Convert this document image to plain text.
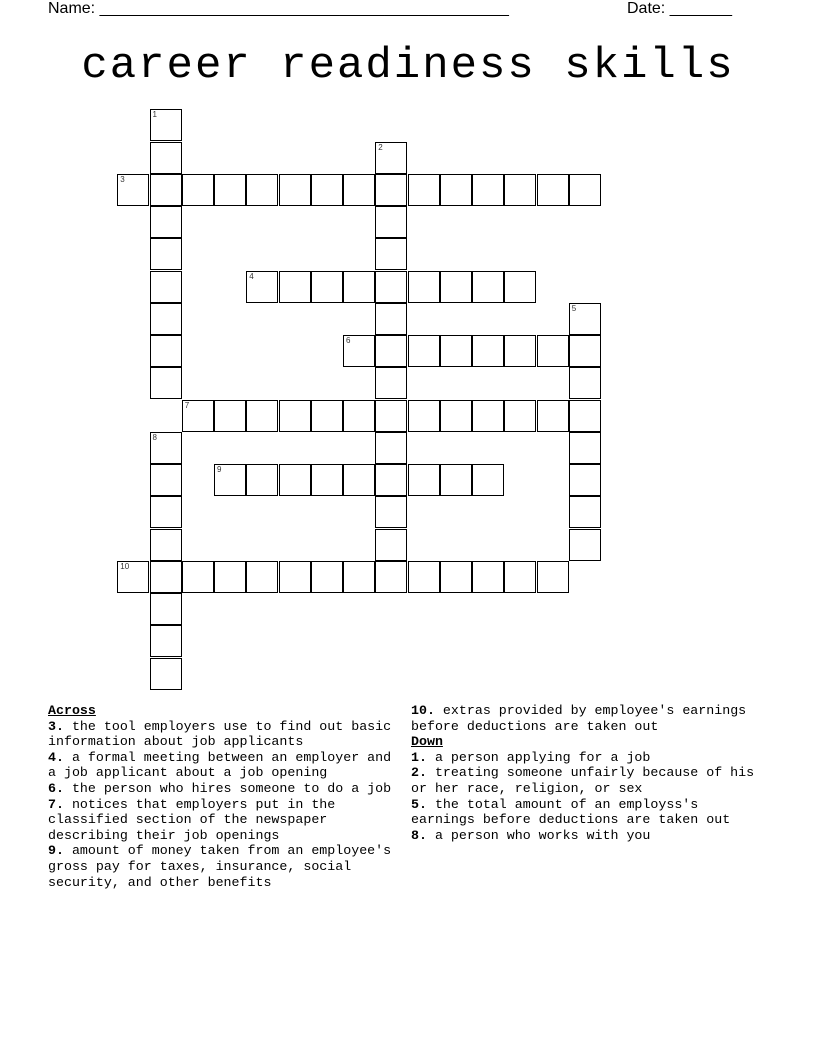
Name: ______________________________________________	Date: _______
career readiness skills
1
2
3
4
5
6
7
8
9
10
Across
3. the tool employers use to find out basic information about job applicants
4. a formal meeting between an employer and a job applicant about a job opening
6. the person who hires someone to do a job
7. notices that employers put in the classified section of the newspaper describing their job openings
9. amount of money taken from an employee's gross pay for taxes, insurance, social security, and other benefits
10. extras provided by employee's earnings before deductions are taken out
Down
1. a person applying for a job
2. treating someone unfairly because of his or her race, religion, or sex
5. the total amount of an employss's earnings before deductions are taken out
8. a person who works with you
